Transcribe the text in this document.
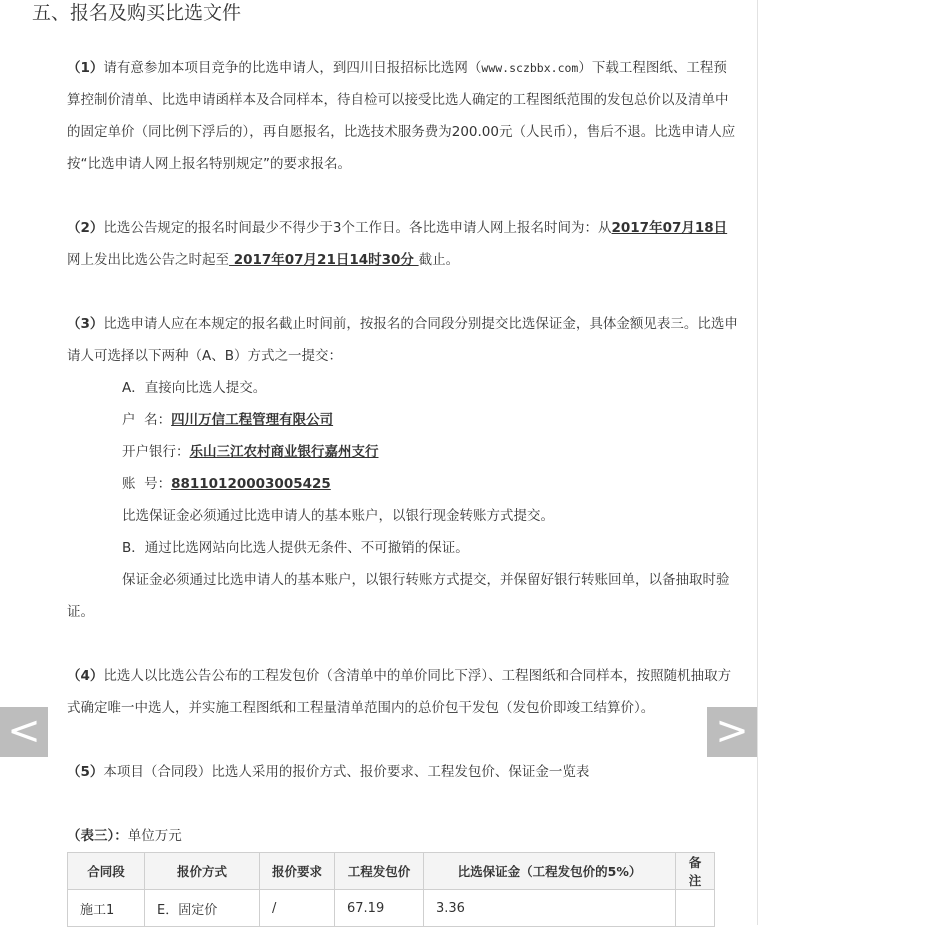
五、报名及购买比选文件

（1）请有意参加本项目竞争的比选申请人，到四川日报招标比选网（www.sczbbx.com）下载工程图纸、工程预算控制价清单、比选申请函样本及合同样本，待自检可以接受比选人确定的工程图纸范围的发包总价以及清单中的固定单价（同比例下浮后的），再自愿报名，比选技术服务费为200.00元（人民币），售后不退。比选申请人应按“比选申请人网上报名特别规定”的要求报名。

（2）比选公告规定的报名时间最少不得少于3个工作日。各比选申请人网上报名时间为：从2017年07月18日网上发出比选公告之时起至 2017年07月21日14时30分 截止。

（3）比选申请人应在本规定的报名截止时间前，按报名的合同段分别提交比选保证金，具体金额见表三。比选申请人可选择以下两种（A、B）方式之一提交：

A．直接向比选人提交。

户  名：四川万信工程管理有限公司

开户银行：乐山三江农村商业银行嘉州支行

账  号：88110120003005425

比选保证金必须通过比选申请人的基本账户，以银行现金转账方式提交。

B．通过比选网站向比选人提供无条件、不可撤销的保证。

保证金必须通过比选申请人的基本账户，以银行转账方式提交，并保留好银行转账回单，以备抽取时验证。

（4）比选人以比选公告公布的工程发包价（含清单中的单价同比下浮）、工程图纸和合同样本，按照随机抽取方式确定唯一中选人，并实施工程图纸和工程量清单范围内的总价包干发包（发包价即竣工结算价）。

（5）本项目（合同段）比选人采用的报价方式、报价要求、工程发包价、保证金一览表

（表三）：单位万元

合同段	报价方式	报价要求	工程发包价	比选保证金（工程发包价的5%）	备注
施工1	E．固定价	/	67.19	3.36	
<	>
